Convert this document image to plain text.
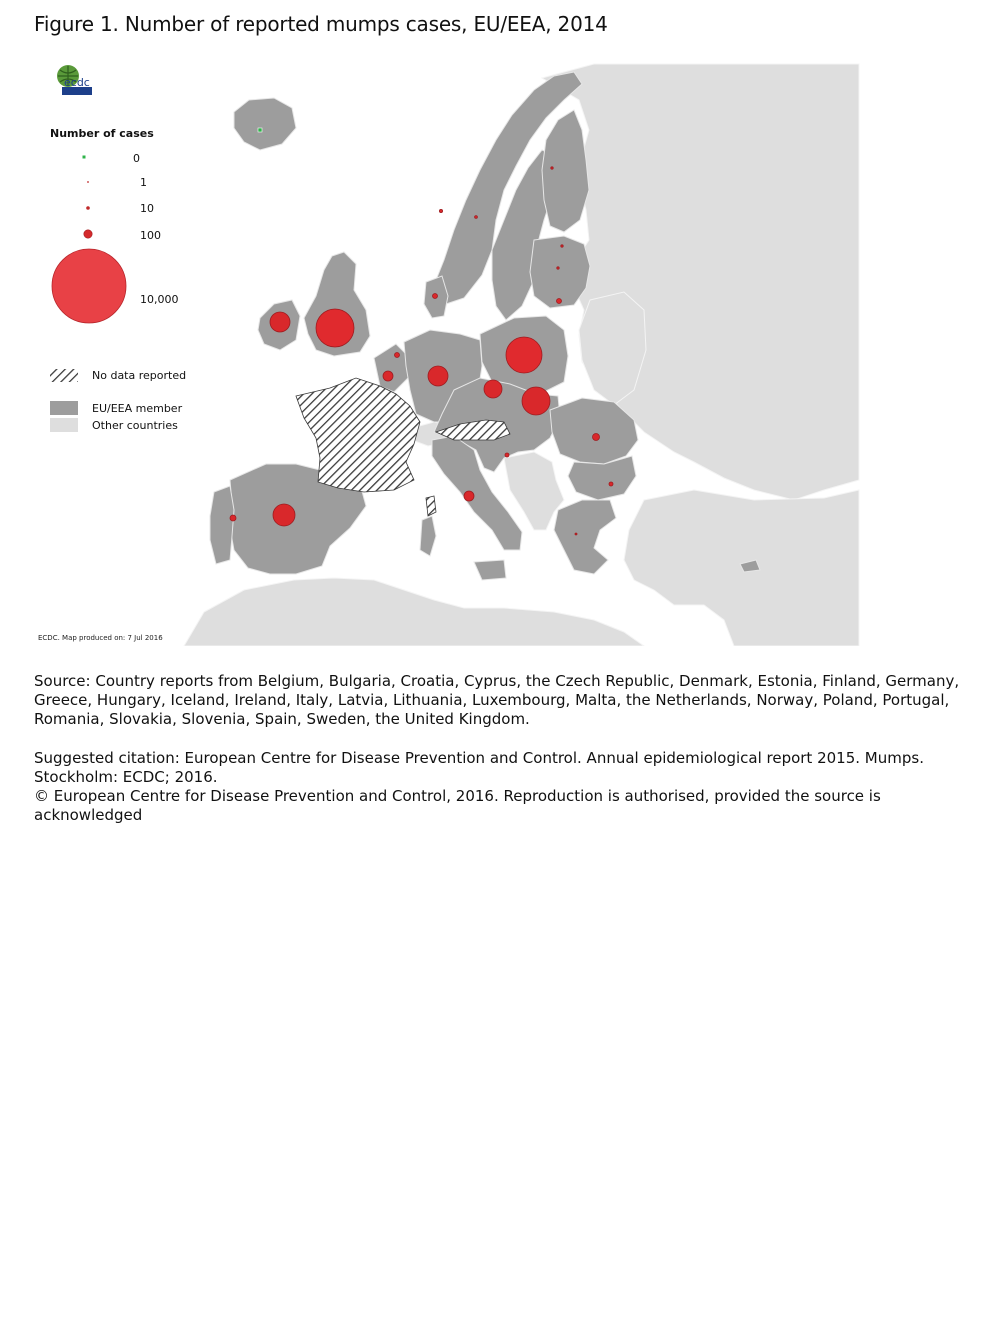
Figure 1. Number of reported mumps cases, EU/EEA, 2014
ecdc
Number of cases
0
1
10
100
10,000
No data reported
EU/EEA member
Other countries
ECDC. Map produced on: 7 Jul 2016
Source: Country reports from Belgium, Bulgaria, Croatia, Cyprus, the Czech Republic, Denmark, Estonia, Finland, Germany, Greece, Hungary, Iceland, Ireland, Italy, Latvia, Lithuania, Luxembourg, Malta, the Netherlands, Norway, Poland, Portugal, Romania, Slovakia, Slovenia, Spain, Sweden, the United Kingdom.
Suggested citation: European Centre for Disease Prevention and Control. Annual epidemiological report 2015. Mumps. Stockholm: ECDC; 2016.
© European Centre for Disease Prevention and Control, 2016. Reproduction is authorised, provided the source is acknowledged
